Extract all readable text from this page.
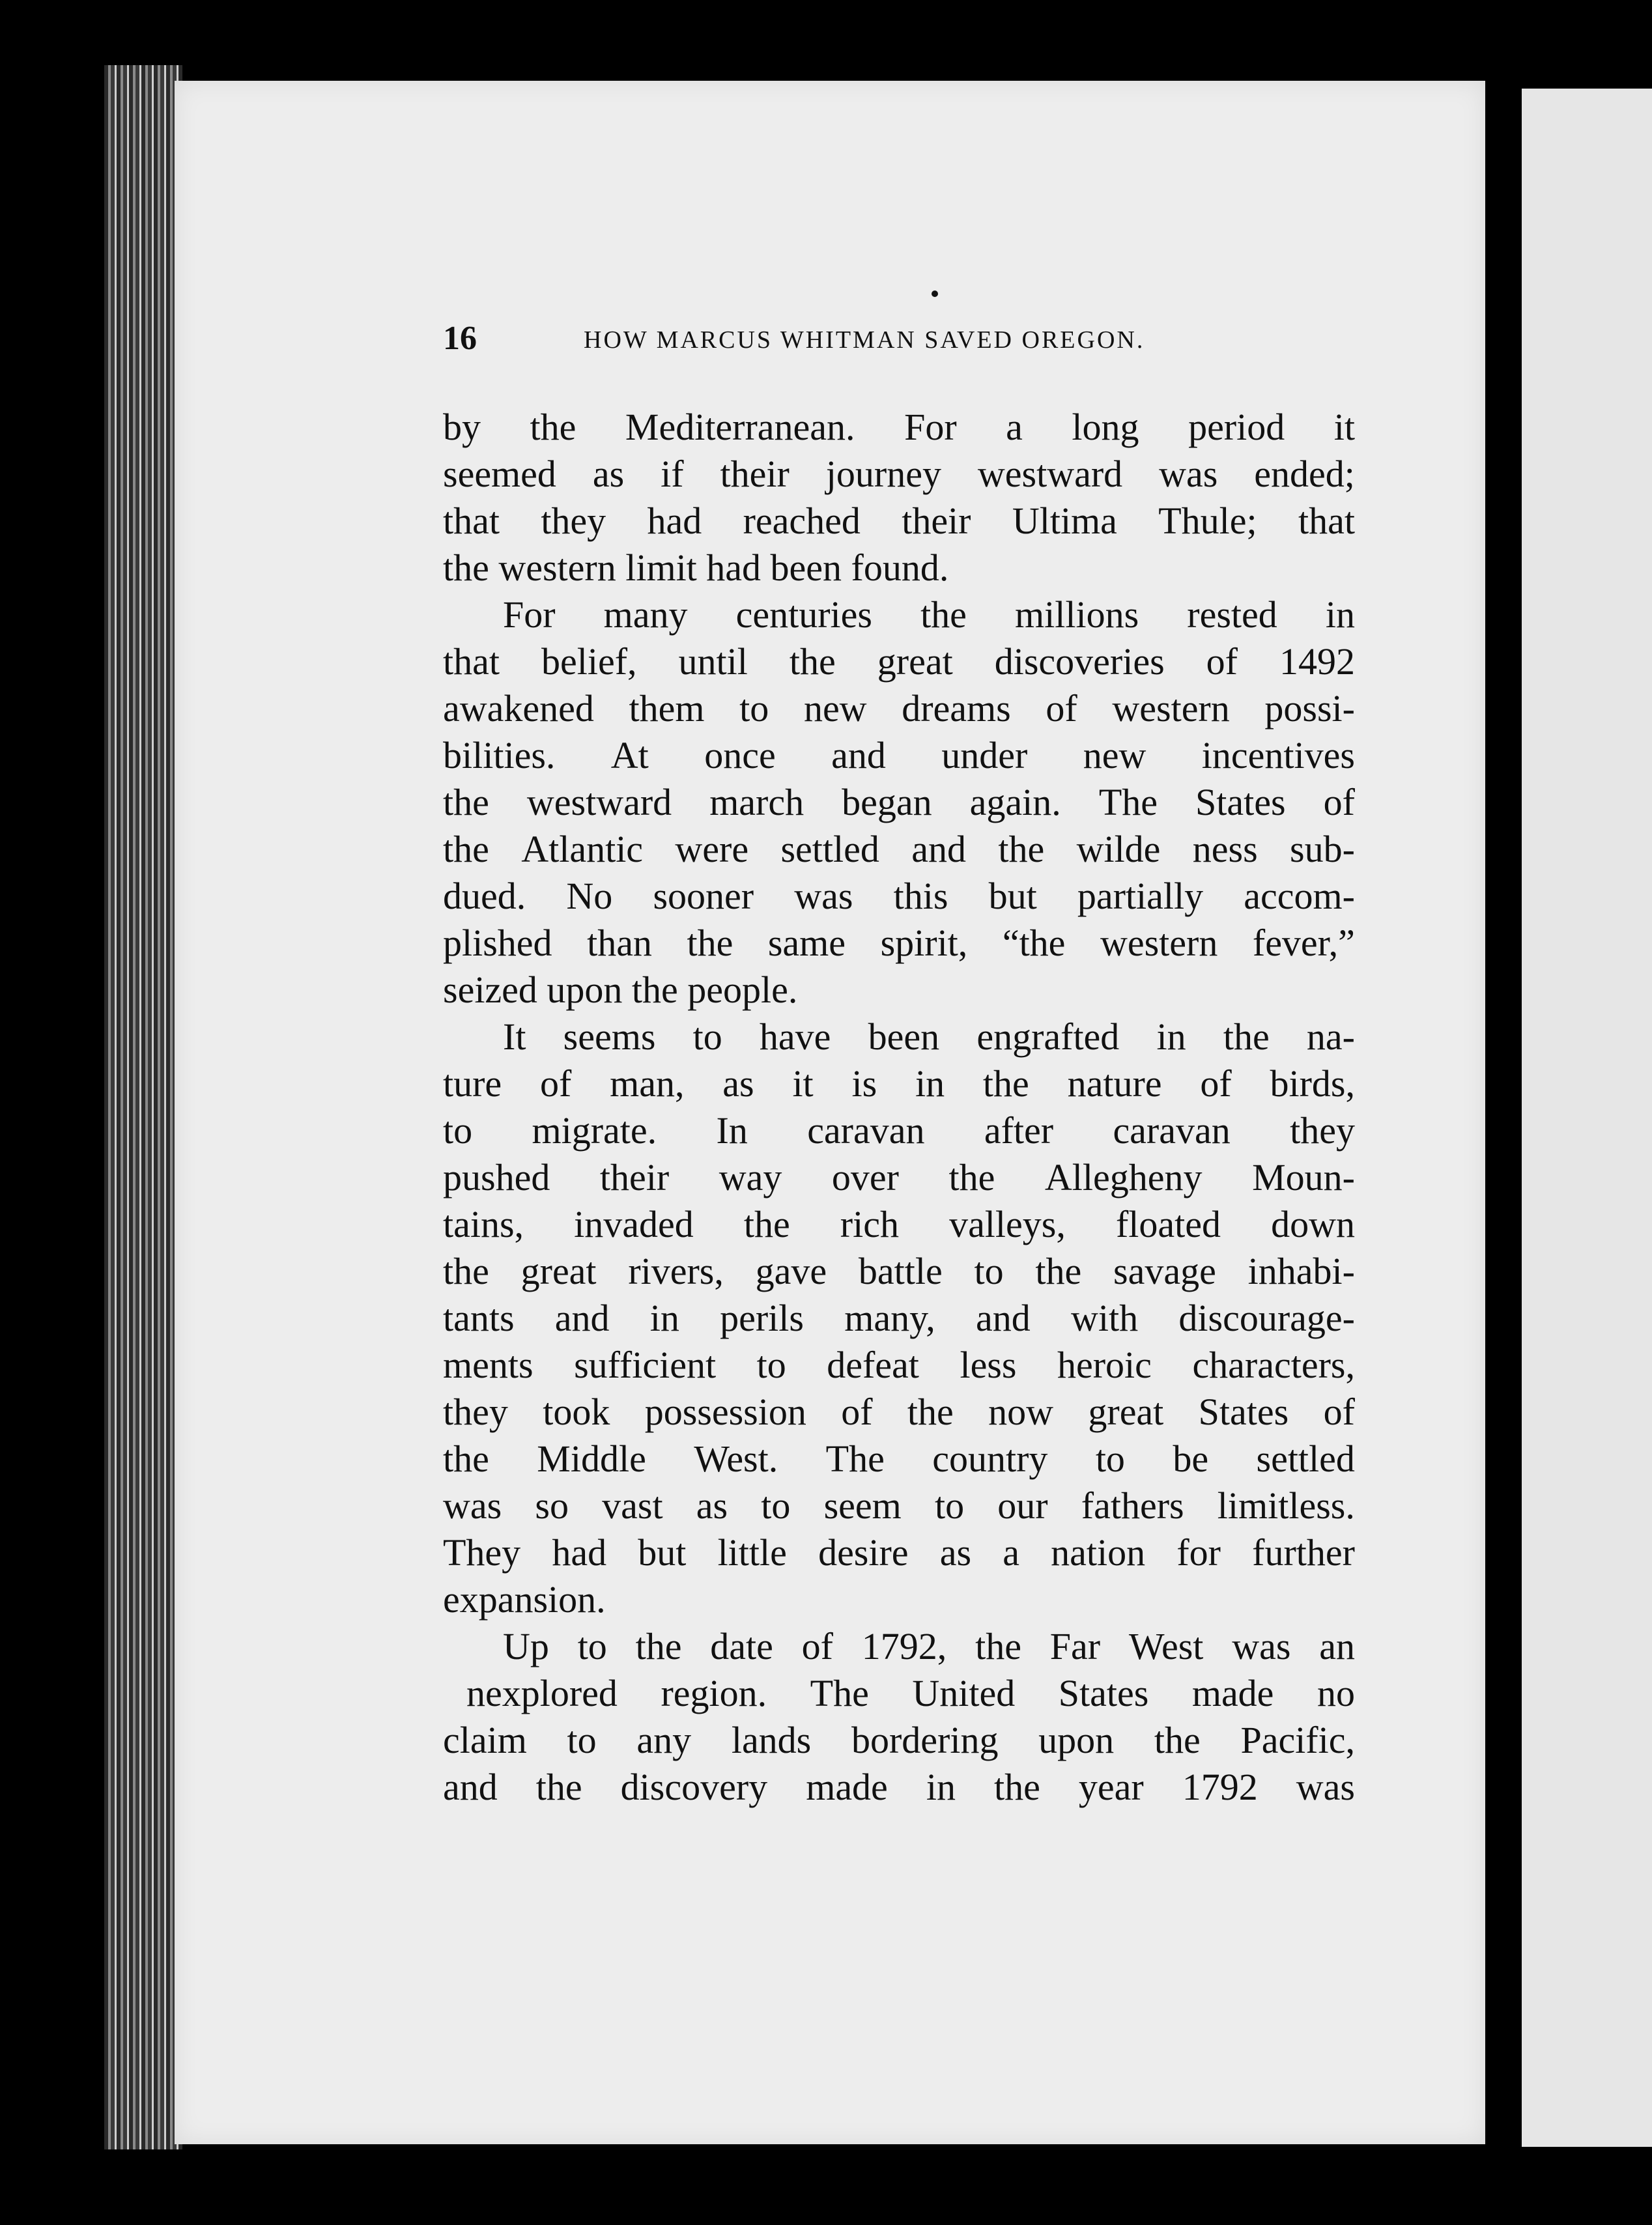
16	HOW MARCUS WHITMAN SAVED OREGON.
by the Mediterranean. For a long period it
seemed as if their journey westward was ended;
that they had reached their Ultima Thule; that
the western limit had been found.
For many centuries the millions rested in
that belief, until the great discoveries of 1492
awakened them to new dreams of western possi-
bilities. At once and under new incentives
the westward march began again. The States of
the Atlantic were settled and the wilde ness sub-
dued. No sooner was this but partially accom-
plished than the same spirit, “the western fever,”
seized upon the people.
It seems to have been engrafted in the na-
ture of man, as it is in the nature of birds,
to migrate. In caravan after caravan they
pushed their way over the Allegheny Moun-
tains, invaded the rich valleys, floated down
the great rivers, gave battle to the savage inhabi-
tants and in perils many, and with discourage-
ments sufficient to defeat less heroic characters,
they took possession of the now great States of
the Middle West. The country to be settled
was so vast as to seem to our fathers limitless.
They had but little desire as a nation for further
expansion.
Up to the date of 1792, the Far West was an
nexplored region. The United States made no
claim to any lands bordering upon the Pacific,
and the discovery made in the year 1792 was
